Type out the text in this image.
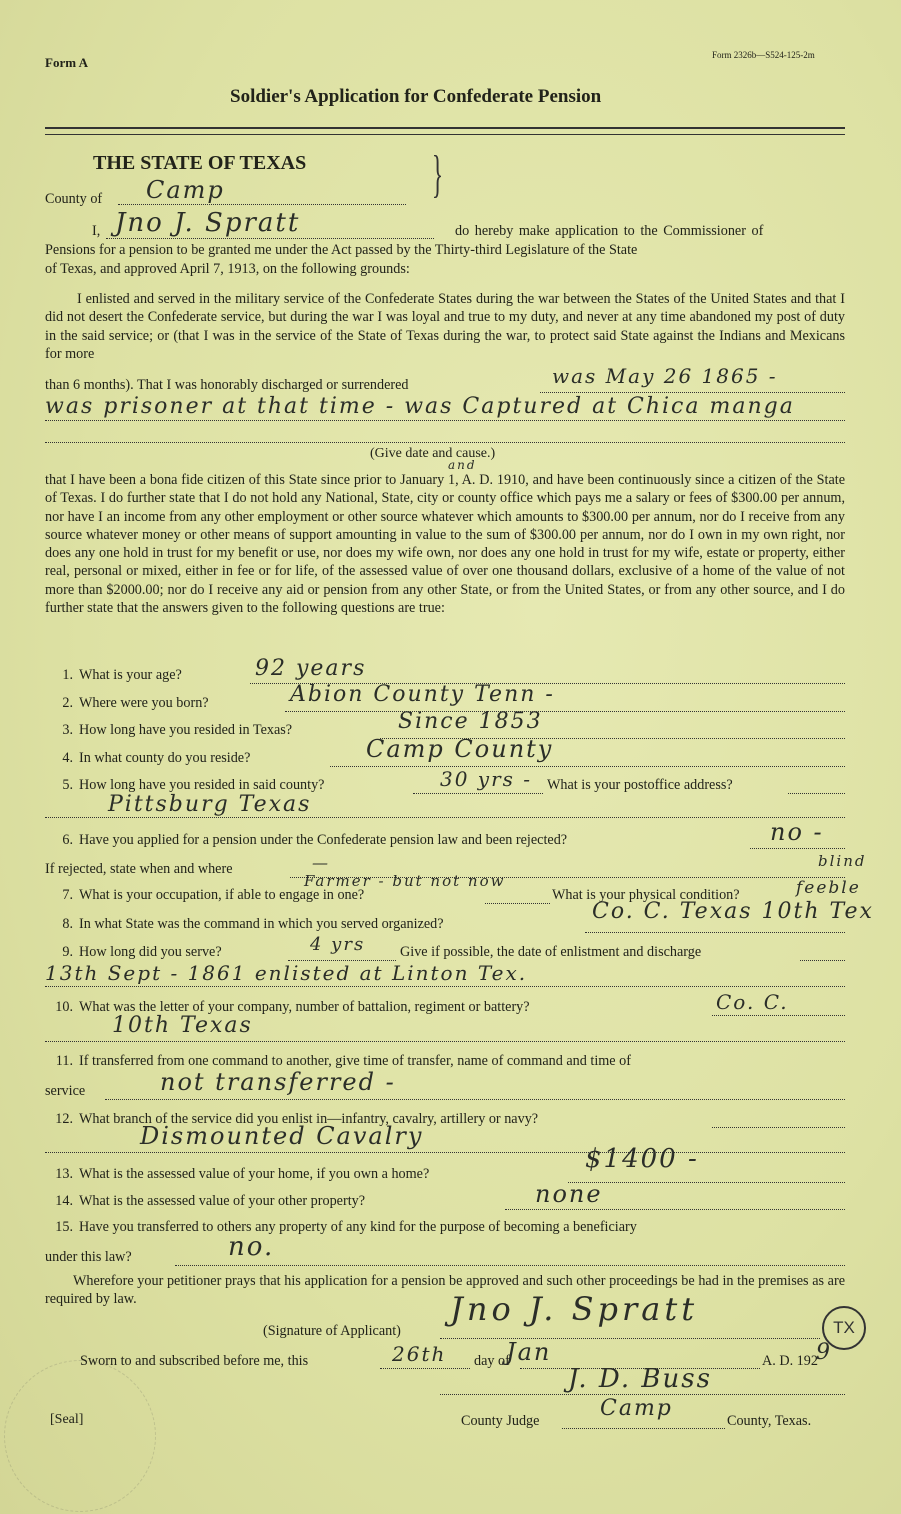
Form A	Form 2326b—S524-125-2m
Soldier's Application for Confederate Pension
THE STATE OF TEXAS }
County of Camp
I, Jno J. Spratt	do hereby make application to the Commissioner of
Pensions for a pension to be granted me under the Act passed by the Thirty-third Legislature of the State
of Texas, and approved April 7, 1913, on the following grounds:
I enlisted and served in the military service of the Confederate States during the war between the States of the United States and that I did not desert the Confederate service, but during the war I was loyal and true to my duty, and never at any time abandoned my post of duty in the said service; or (that I was in the service of the State of Texas during the war, to protect said State against the Indians and Mexicans for more
than 6 months). That I was honorably discharged or surrendered	was May 26 1865 -
was prisoner at that time - was Captured at Chica manga
(Give date and cause.)
that I have been a bona fide citizen of this State since prior to January 1, A. D. 1910, and have been continuously since a citizen of the State of Texas. I do further state that I do not hold any National, State, city or county office which pays me a salary or fees of $300.00 per annum, nor have I an income from any other employment or other source whatever which amounts to $300.00 per annum, nor do I receive from any source whatever money or other means of support amounting in value to the sum of $300.00 per annum, nor do I own in my own right, nor does any one hold in trust for my benefit or use, nor does my wife own, nor does any one hold in trust for my wife, estate or property, either real, personal or mixed, either in fee or for life, of the assessed value of over one thousand dollars, exclusive of a home of the value of not more than $2000.00; nor do I receive any aid or pension from any other State, or from the United States, or from any other source, and I do further state that the answers given to the following questions are true:
and
1. What is your age?	92 years
2. Where were you born?	Abion County Tenn -
3. How long have you resided in Texas?	Since 1853
4. In what county do you reside?	Camp County
5. How long have you resided in said county?	30 yrs - What is your postoffice address?
Pittsburg Texas
6. Have you applied for a pension under the Confederate pension law and been rejected?	no -
If rejected, state when and where	—
7. What is your occupation, if able to engage in one?
Farmer - but not now
What is your physical condition?	feeble
blind
8. In what State was the command in which you served organized?	Co. C. Texas 10th Tex
9. How long did you serve?	4 yrs Give if possible, the date of enlistment and discharge
13th Sept - 1861 enlisted at Linton Tex.
10. What was the letter of your company, number of battalion, regiment or battery?	Co. C.
10th Texas
11. If transferred from one command to another, give time of transfer, name of command and time of
service	not transferred -
12. What branch of the service did you enlist in—infantry, cavalry, artillery or navy?
Dismounted Cavalry
13. What is the assessed value of your home, if you own a home?	$1400 -
14. What is the assessed value of your other property?	none
15. Have you transferred to others any property of any kind for the purpose of becoming a beneficiary
under this law?	no.
Wherefore your petitioner prays that his application for a pension be approved and such other proceedings be had in the premises as are required by law.
(Signature of Applicant)
Jno J. Spratt
Sworn to and subscribed before me, this	26th day of
Jan	A. D. 192
9
J. D. Buss
[Seal]	County Judge	Camp	County, Texas.
TX
